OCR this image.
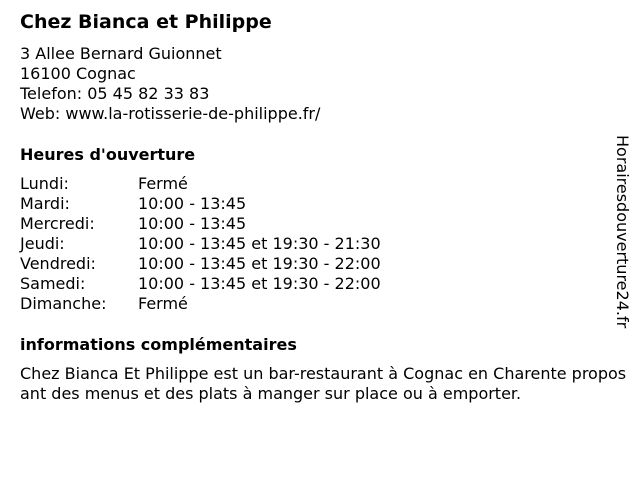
Chez Bianca et Philippe
3 Allee Bernard Guionnet
16100 Cognac
Telefon: 05 45 82 33 83
Web: www.la-rotisserie-de-philippe.fr/
Heures d'ouverture
Lundi:	Fermé
Mardi:	10:00 - 13:45
Mercredi:	10:00 - 13:45
Jeudi:	10:00 - 13:45 et 19:30 - 21:30
Vendredi:	10:00 - 13:45 et 19:30 - 22:00
Samedi:	10:00 - 13:45 et 19:30 - 22:00
Dimanche: Fermé
informations complémentaires
Chez Bianca Et Philippe est un bar-restaurant à Cognac en Charente proposant des menus et des plats à manger sur place ou à emporter.
Horairesdouverture24.fr
